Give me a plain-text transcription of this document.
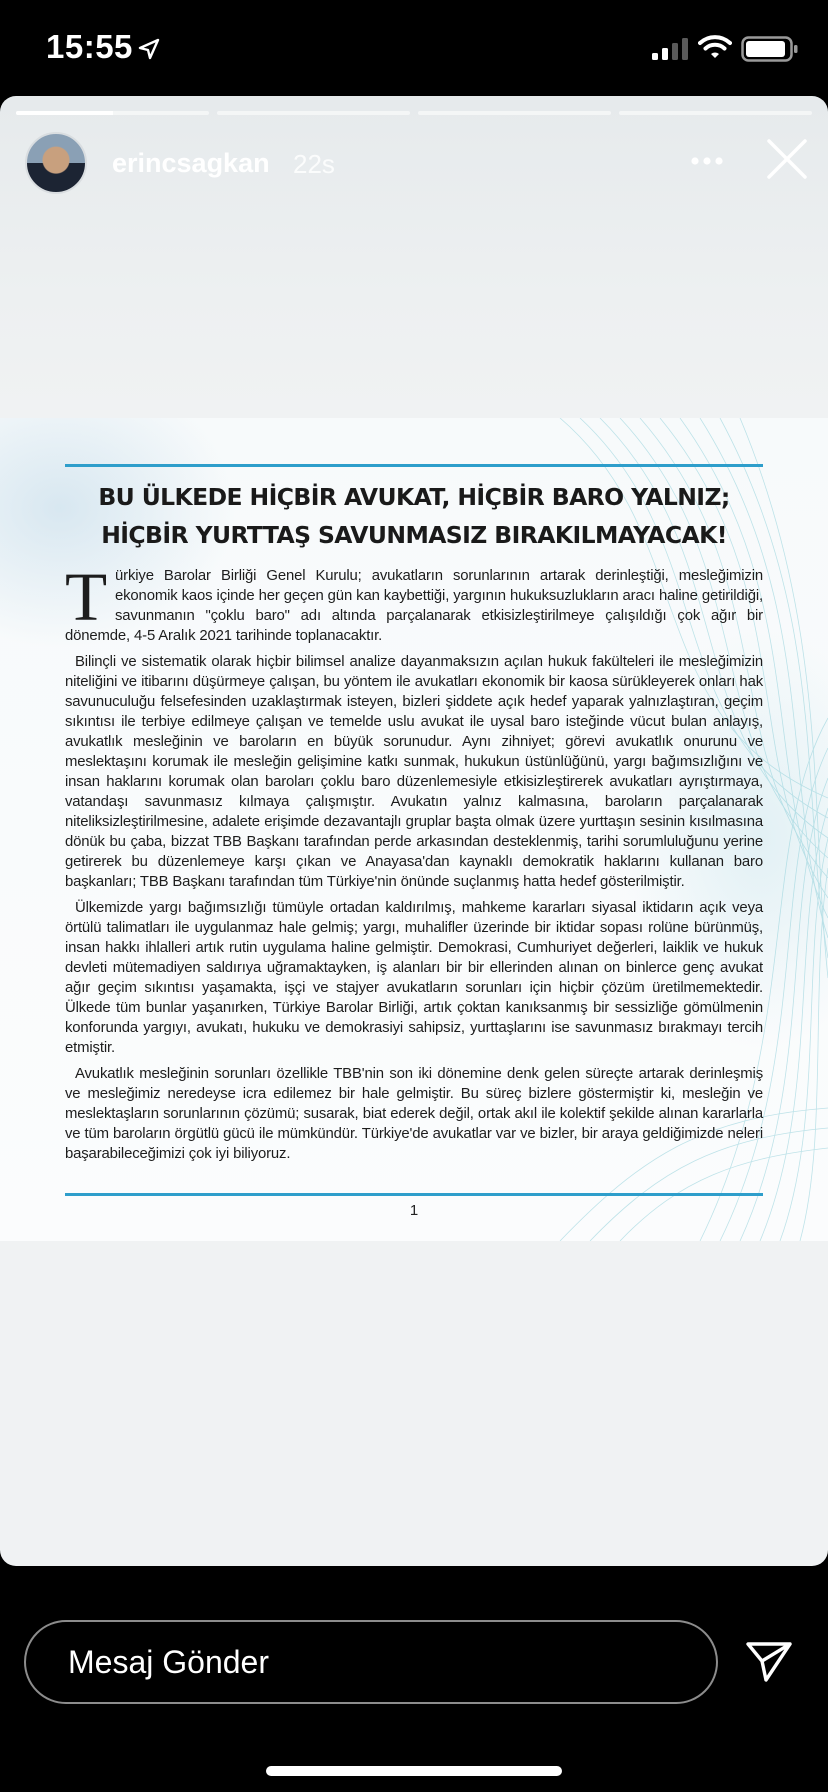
15:55
erincsagkan 22s
BU ÜLKEDE HİÇBİR AVUKAT, HİÇBİR BARO YALNIZ;
HİÇBİR YURTTAŞ SAVUNMASIZ BIRAKILMAYACAK!

Türkiye Barolar Birliği Genel Kurulu; avukatların sorunlarının artarak derinleştiği, mesleğimizin ekonomik kaos içinde her geçen gün kan kaybettiği, yargının hukuksuzlukların aracı haline getirildiği, savunmanın "çoklu baro" adı altında parçalanarak etkisizleştirilmeye çalışıldığı çok ağır bir dönemde, 4-5 Aralık 2021 tarihinde toplanacaktır.

Bilinçli ve sistematik olarak hiçbir bilimsel analize dayanmaksızın açılan hukuk fakülteleri ile mesleğimizin niteliğini ve itibarını düşürmeye çalışan, bu yöntem ile avukatları ekonomik bir kaosa sürükleyerek onları hak savunuculuğu felsefesinden uzaklaştırmak isteyen, bizleri şiddete açık hedef yaparak yalnızlaştıran, geçim sıkıntısı ile terbiye edilmeye çalışan ve temelde uslu avukat ile uysal baro isteğinde vücut bulan anlayış, avukatlık mesleğinin ve baroların en büyük sorunudur. Aynı zihniyet; görevi avukatlık onurunu ve meslektaşını korumak ile mesleğin gelişimine katkı sunmak, hukukun üstünlüğünü, yargı bağımsızlığını ve insan haklarını korumak olan baroları çoklu baro düzenlemesiyle etkisizleştirerek avukatları ayrıştırmaya, vatandaşı savunmasız kılmaya çalışmıştır. Avukatın yalnız kalmasına, baroların parçalanarak niteliksizleştirilmesine, adalete erişimde dezavantajlı gruplar başta olmak üzere yurttaşın sesinin kısılmasına dönük bu çaba, bizzat TBB Başkanı tarafından perde arkasından desteklenmiş, tarihi sorumluluğunu yerine getirerek bu düzenlemeye karşı çıkan ve Anayasa'dan kaynaklı demokratik haklarını kullanan baro başkanları; TBB Başkanı tarafından tüm Türkiye'nin önünde suçlanmış hatta hedef gösterilmiştir.

Ülkemizde yargı bağımsızlığı tümüyle ortadan kaldırılmış, mahkeme kararları siyasal iktidarın açık veya örtülü talimatları ile uygulanmaz hale gelmiş; yargı, muhalifler üzerinde bir iktidar sopası rolüne bürünmüş, insan hakkı ihlalleri artık rutin uygulama haline gelmiştir. Demokrasi, Cumhuriyet değerleri, laiklik ve hukuk devleti mütemadiyen saldırıya uğramaktayken, iş alanları bir bir ellerinden alınan on binlerce genç avukat ağır geçim sıkıntısı yaşamakta, işçi ve stajyer avukatların sorunları için hiçbir çözüm üretilmemektedir. Ülkede tüm bunlar yaşanırken, Türkiye Barolar Birliği, artık çoktan kanıksanmış bir sessizliğe gömülmenin konforunda yargıyı, avukatı, hukuku ve demokrasiyi sahipsiz, yurttaşlarını ise savunmasız bırakmayı tercih etmiştir.

Avukatlık mesleğinin sorunları özellikle TBB'nin son iki dönemine denk gelen süreçte artarak derinleşmiş ve mesleğimiz neredeyse icra edilemez bir hale gelmiştir. Bu süreç bizlere göstermiştir ki, mesleğin ve meslektaşların sorunlarının çözümü; susarak, biat ederek değil, ortak akıl ile kolektif şekilde alınan kararlarla ve tüm baroların örgütlü gücü ile mümkündür. Türkiye'de avukatlar var ve bizler, bir araya geldiğimizde neleri başarabileceğimizi çok iyi biliyoruz.

1
Mesaj Gönder
